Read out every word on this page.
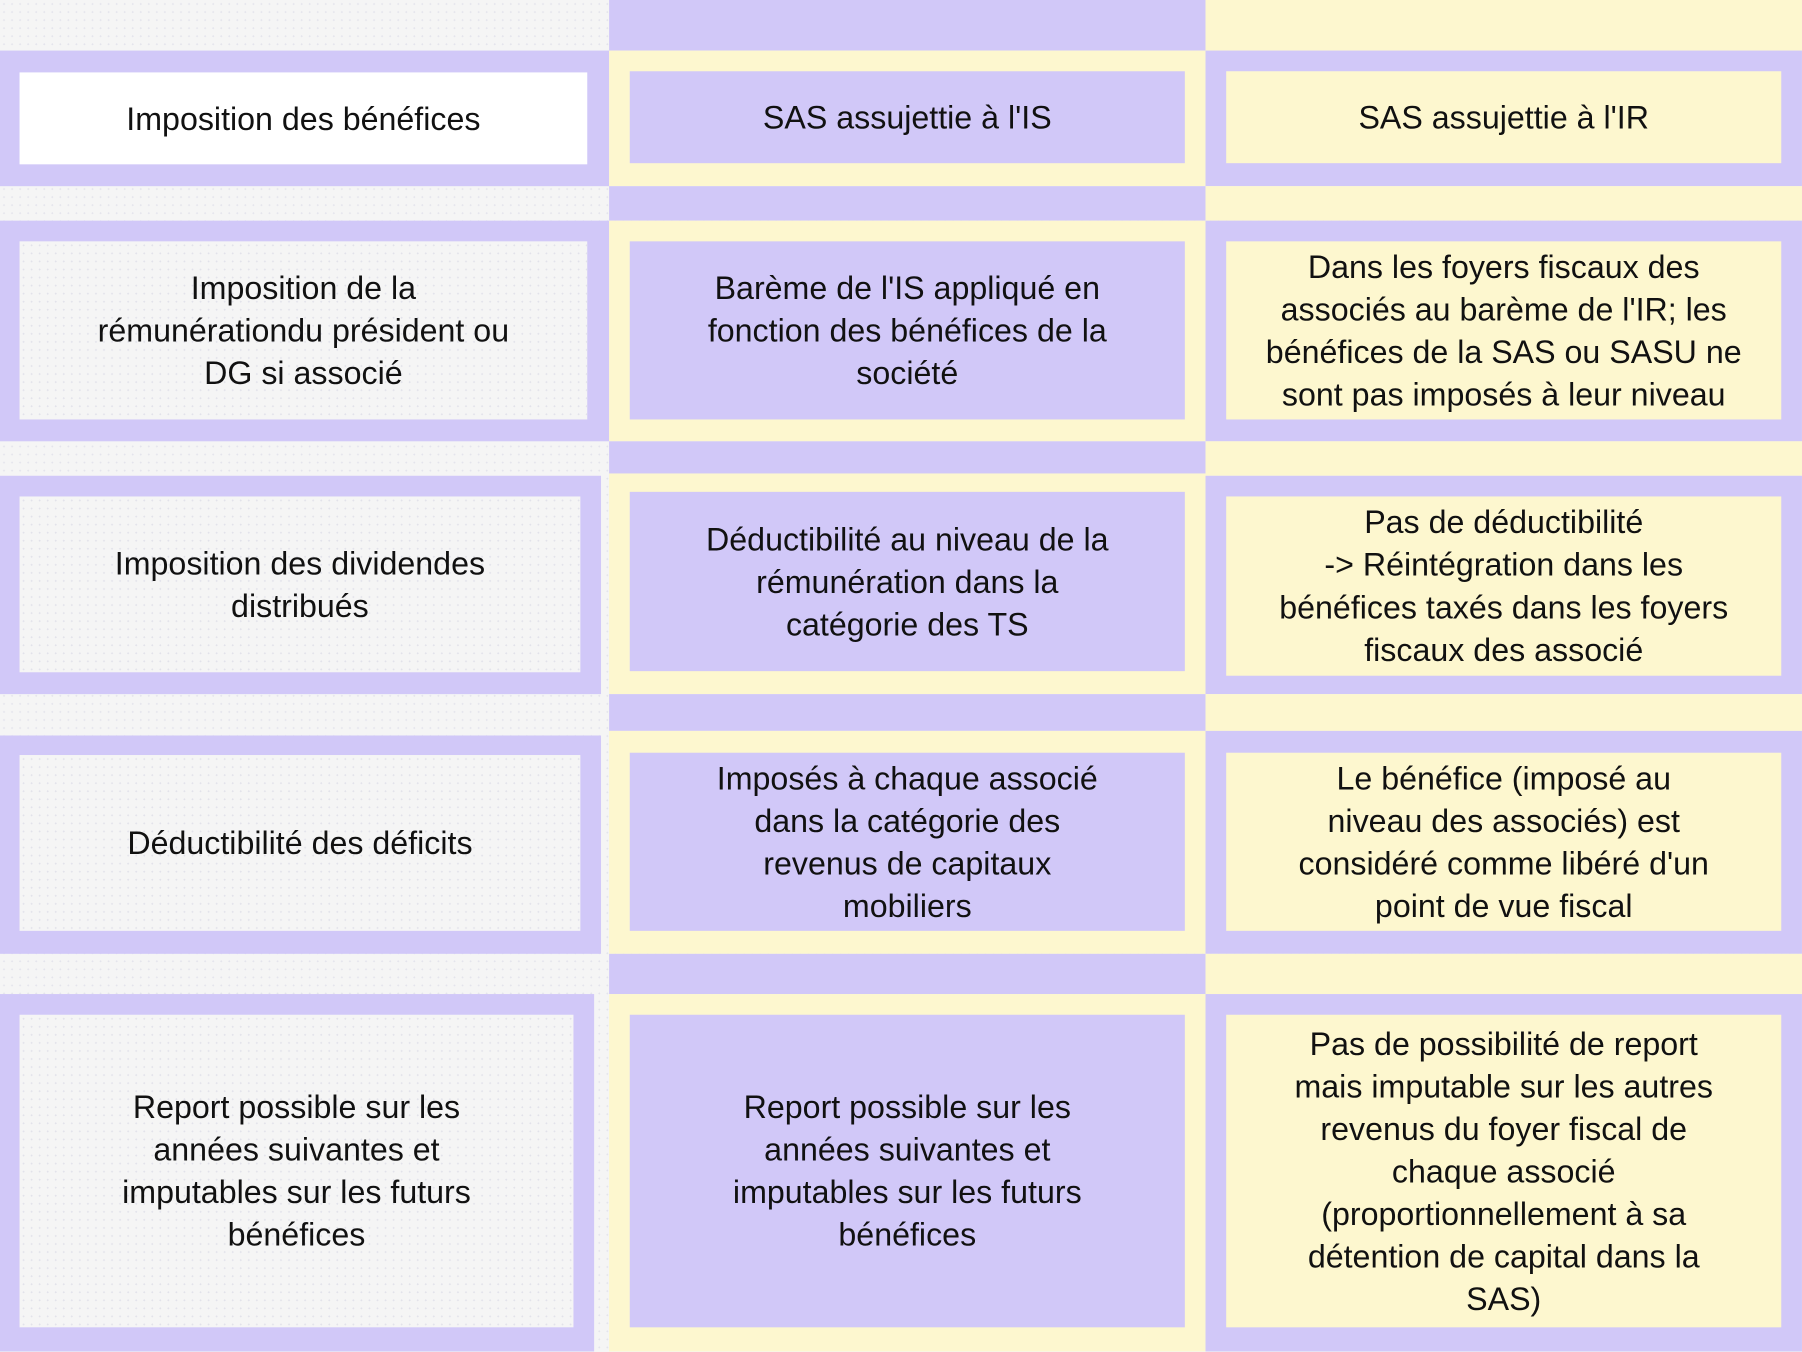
Imposition des bénéfices	SAS assujettie à l'IS	SAS assujettie à l'IR
Imposition de la
rémunérationdu président ou
DG si associé
Barème de l'IS appliqué en
fonction des bénéfices de la
société
Dans les foyers fiscaux des
associés au barème de l'IR; les
bénéfices de la SAS ou SASU ne
sont pas imposés à leur niveau
Imposition des dividendes
distribués
Déductibilité au niveau de la
rémunération dans la
catégorie des TS
Pas de déductibilité
-> Réintégration dans les
bénéfices taxés dans les foyers
fiscaux des associé
Déductibilité des déficits
Imposés à chaque associé
dans la catégorie des
revenus de capitaux
mobiliers
Le bénéfice (imposé au
niveau des associés) est
considéré comme libéré d'un
point de vue fiscal
Report possible sur les
années suivantes et
imputables sur les futurs
bénéfices
Report possible sur les
années suivantes et
imputables sur les futurs
bénéfices
Pas de possibilité de report
mais imputable sur les autres
revenus du foyer fiscal de
chaque associé
(proportionnellement à sa
détention de capital dans la
SAS)
